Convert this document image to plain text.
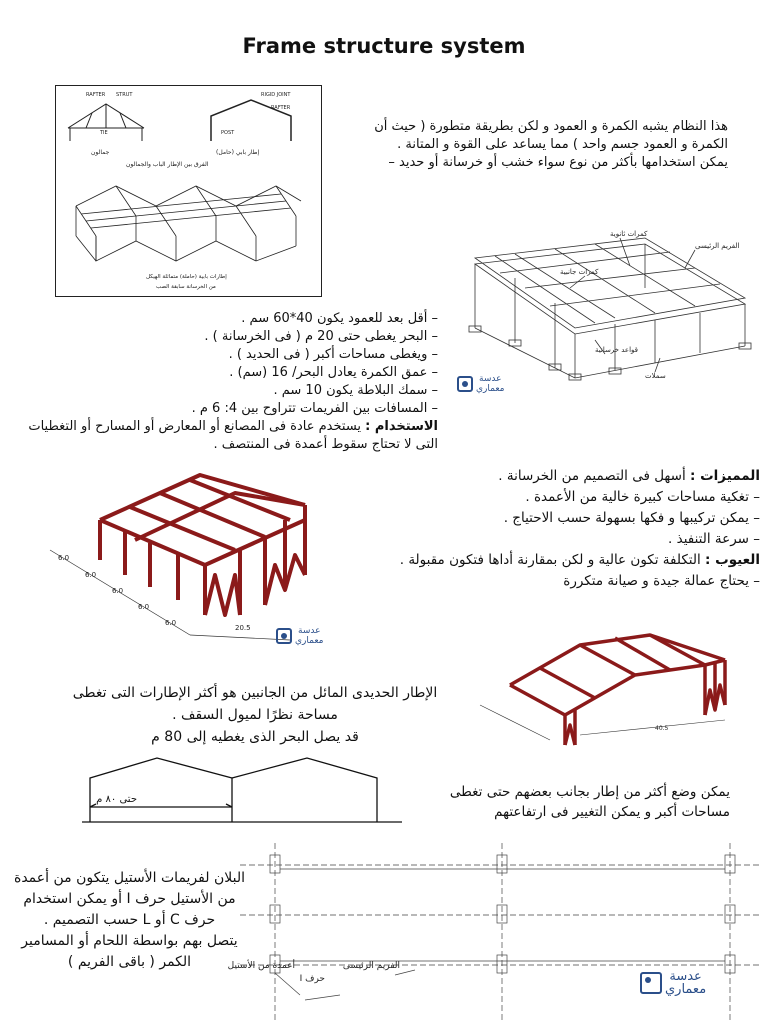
Frame structure system
TIE
RAFTER STRUT	RIGID JOINT
RAFTER
POST
جمالون	إطار بابي (حامل)
الفرق بين الإطار الباب والجمالون
إطارات بابية (حاملة) متماثلة الهيكل
من الخرسانة سابقة الصب
هذا النظام يشبه الكمرة و العمود و لكن بطريقة متطورة ( حيث أن
الكمرة و العمود جسم واحد ) مما يساعد على القوة و المتانة .
يمكن استخدامها بأكثر من نوع سواء خشب أو خرسانة أو حديد –
كمرات ثانوية
الفريم الرئيسى
كمرات جانبية
قواعد خرسانية
سملات
عدسة
معماري
– أقل بعد للعمود يكون 40*60 سم .
– البحر يغطى حتى 20 م ( فى الخرسانة ) .
– ويغطى مساحات أكبر ( فى الحديد ) .
– عمق الكمرة يعادل البحر/ 16 (سم) .
– سمك البلاطة يكون 10 سم .
– المسافات بين الفريمات تتراوح بين 4: 6 م .
الاستخدام : يستخدم عادة فى المصانع أو المعارض أو المسارح أو التغطيات
التى لا تحتاج سقوط أعمدة فى المنتصف .
المميزات : أسهل فى التصميم من الخرسانة .
– تغكية مساحات كبيرة خالية من الأعمدة .
– يمكن تركيبها و فكها بسهولة حسب الاحتياج .
– سرعة التنفيذ .
العيوب : التكلفة تكون عالية و لكن بمقارنة أداها فتكون مقبولة .
– يحتاج عمالة جيدة و صيانة متكررة
6.0
6.0
6.0
6.0
6.0
20.5	عدسة
معماري
الإطار الحديدى المائل من الجانبين هو أكثر الإطارات التى تغطى
مساحة نظرًا لميول السقف .
قد يصل البحر الذى يغطيه إلى 80 م
40.5
حتى ٨٠ م	يمكن وضع أكثر من إطار بجانب بعضهم حتى تغطى
مساحات أكبر و يمكن التغيير فى ارتفاعتهم
البلان لفريمات الأستيل يتكون من أعمدة
من الأستيل حرف I أو يمكن استخدام
حرف C أو L حسب التصميم .
يتصل بهم بواسطة اللحام أو المسامير
الكمر ( باقى الفريم )	أعمدة من الأستيل
حرف I
الفريم الرئيسى
عدسة
معماري
